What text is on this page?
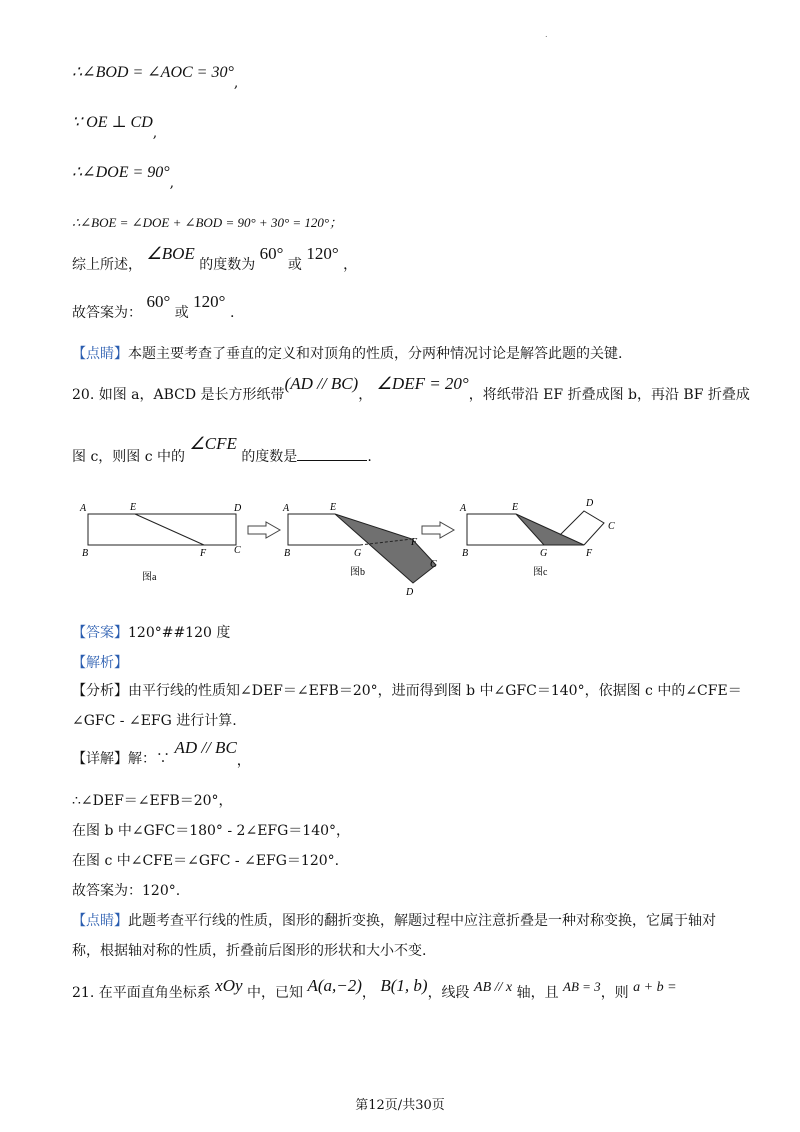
.
∴∠BOD = ∠AOC = 30°,
∵ OE ⊥ CD,
∴∠DOE = 90°,
∴∠BOE = ∠DOE + ∠BOD = 90° + 30° = 120°；
综上所述， ∠BOE 的度数为 60° 或 120° ，
故答案为： 60° 或 120° .
【点睛】本题主要考查了垂直的定义和对顶角的性质，分两种情况讨论是解答此题的关键.
20. 如图 a，ABCD 是长方形纸带(AD // BC)， ∠DEF = 20°，将纸带沿 EF 折叠成图 b，再沿 BF 折叠成
图 c，则图 c 中的 ∠CFE 的度数是	.
A	E	D
B	F	C
图a
A	E
B	G
F
C
D
图b
A	E
B	G	F
D
C
图c
【答案】120°##120 度
【解析】
【分析】由平行线的性质知∠DEF＝∠EFB＝20°，进而得到图 b 中∠GFC＝140°，依据图 c 中的∠CFE＝
∠GFC - ∠EFG 进行计算.
【详解】解：∵ AD // BC，
∴∠DEF＝∠EFB＝20°，
在图 b 中∠GFC＝180° - 2∠EFG＝140°，
在图 c 中∠CFE＝∠GFC - ∠EFG＝120°.
故答案为：120°.
【点睛】此题考查平行线的性质，图形的翻折变换，解题过程中应注意折叠是一种对称变换，它属于轴对
称，根据轴对称的性质，折叠前后图形的形状和大小不变.
21. 在平面直角坐标系 xOy 中，已知 A(a,−2)， B(1, b)，线段 AB // x 轴，且 AB = 3，则 a + b =
第12页/共30页
